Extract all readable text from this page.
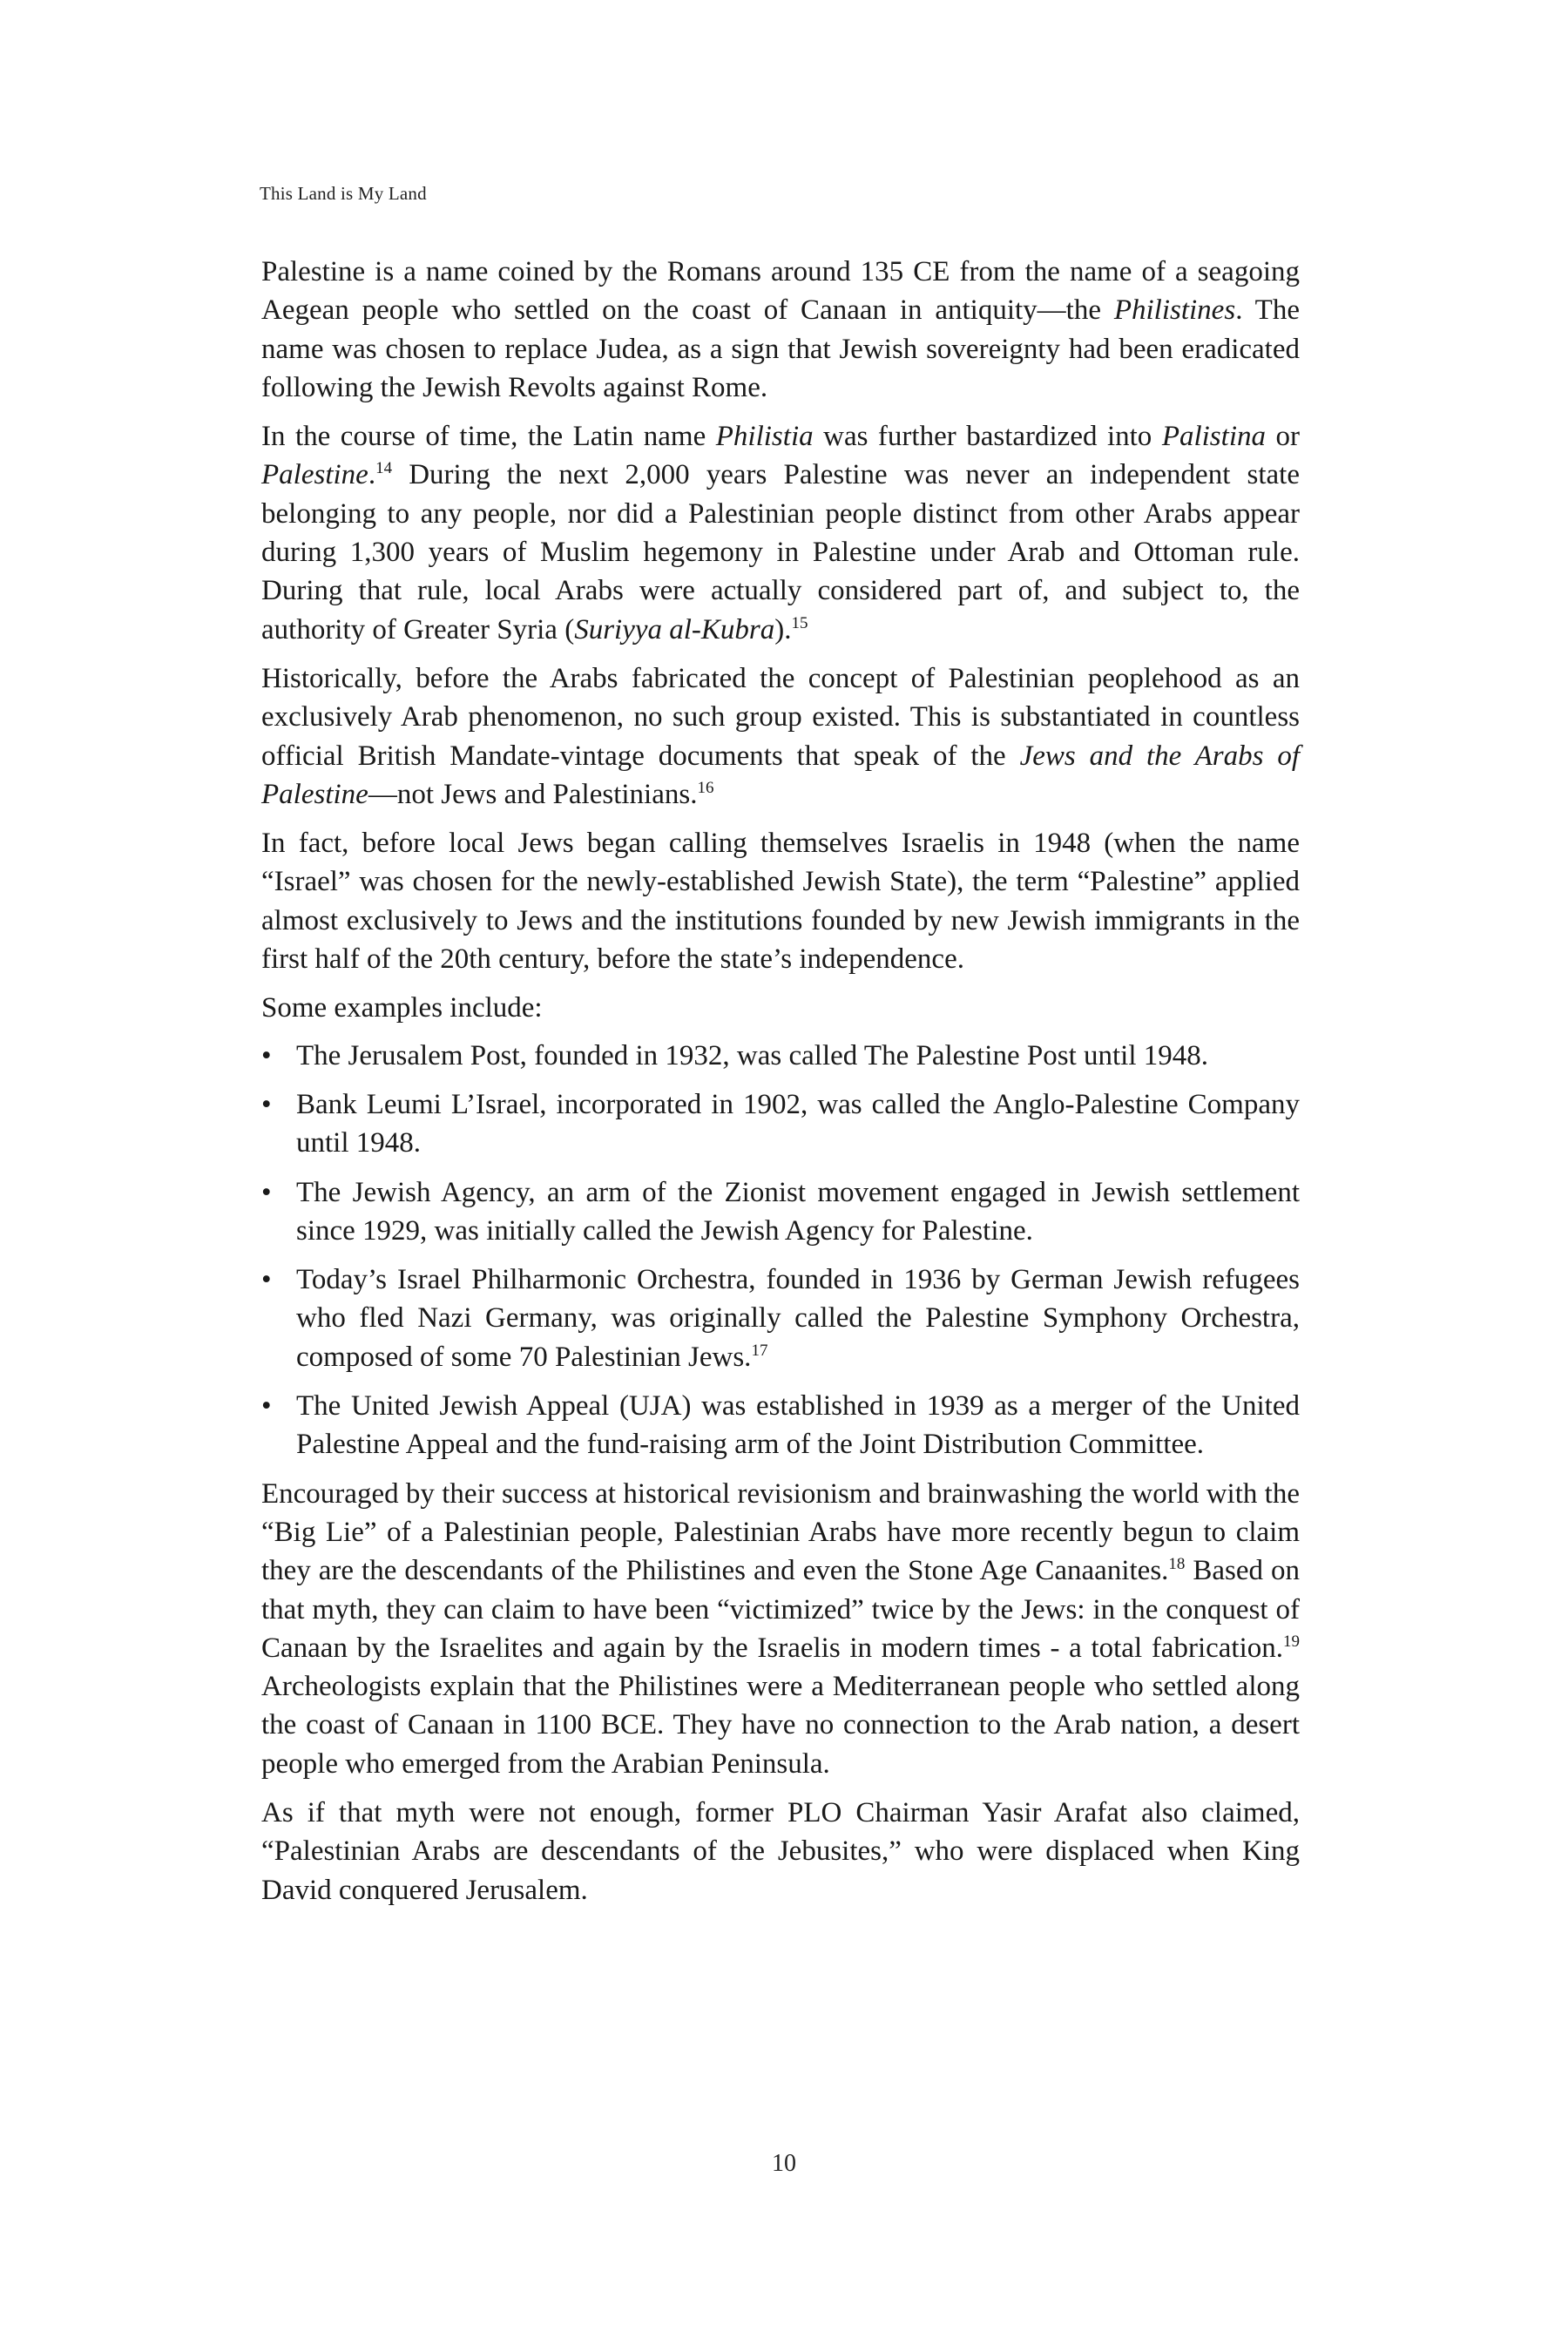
This Land is My Land

Palestine is a name coined by the Romans around 135 CE from the name of a seagoing Aegean people who settled on the coast of Canaan in antiquity—the Philistines. The name was chosen to replace Judea, as a sign that Jewish sovereignty had been eradicated following the Jewish Revolts against Rome.

In the course of time, the Latin name Philistia was further bastardized into Palistina or Palestine.$^{14}$ During the next 2,000 years Palestine was never an independent state belonging to any people, nor did a Palestinian people distinct from other Arabs appear during 1,300 years of Muslim hegemony in Palestine under Arab and Ottoman rule. During that rule, local Arabs were actually considered part of, and subject to, the authority of Greater Syria (Suriyya al-Kubra).$^{15}$

Historically, before the Arabs fabricated the concept of Palestinian peoplehood as an exclusively Arab phenomenon, no such group existed. This is substantiated in countless official British Mandate-vintage documents that speak of the Jews and the Arabs of Palestine—not Jews and Palestinians.$^{16}$

In fact, before local Jews began calling themselves Israelis in 1948 (when the name “Israel” was chosen for the newly-established Jewish State), the term “Palestine” applied almost exclusively to Jews and the institutions founded by new Jewish immigrants in the first half of the 20th century, before the state’s independence.

Some examples include:

• The Jerusalem Post, founded in 1932, was called The Palestine Post until 1948.
• Bank Leumi L’Israel, incorporated in 1902, was called the Anglo-Palestine Company until 1948.
• The Jewish Agency, an arm of the Zionist movement engaged in Jewish settlement since 1929, was initially called the Jewish Agency for Palestine.
• Today’s Israel Philharmonic Orchestra, founded in 1936 by German Jewish refugees who fled Nazi Germany, was originally called the Palestine Symphony Orchestra, composed of some 70 Palestinian Jews.$^{17}$
• The United Jewish Appeal (UJA) was established in 1939 as a merger of the United Palestine Appeal and the fund-raising arm of the Joint Distribution Committee.

Encouraged by their success at historical revisionism and brainwashing the world with the “Big Lie” of a Palestinian people, Palestinian Arabs have more recently begun to claim they are the descendants of the Philistines and even the Stone Age Canaanites.$^{18}$ Based on that myth, they can claim to have been “victimized” twice by the Jews: in the conquest of Canaan by the Israelites and again by the Israelis in modern times - a total fabrication.$^{19}$ Archeologists explain that the Philistines were a Mediterranean people who settled along the coast of Canaan in 1100 BCE. They have no connection to the Arab nation, a desert people who emerged from the Arabian Peninsula.

As if that myth were not enough, former PLO Chairman Yasir Arafat also claimed, “Palestinian Arabs are descendants of the Jebusites,” who were displaced when King David conquered Jerusalem.

10
